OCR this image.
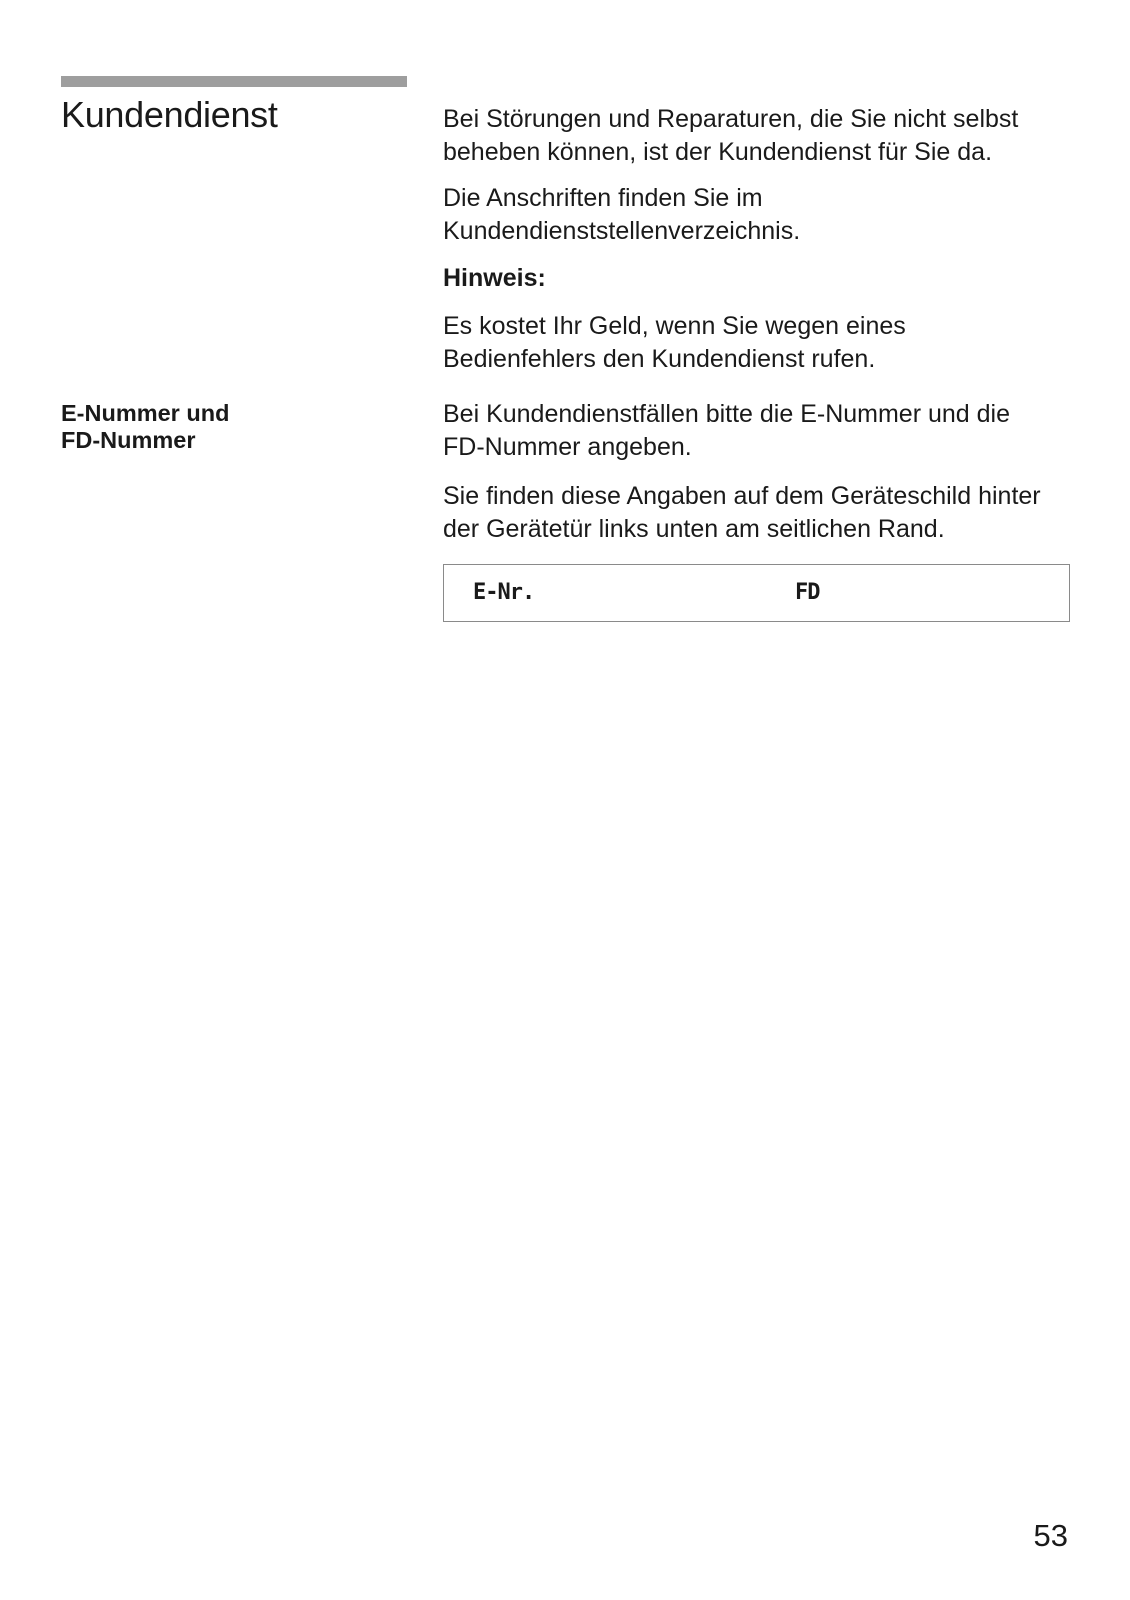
Kundendienst	Bei Störungen und Reparaturen, die Sie nicht selbst
beheben können, ist der Kundendienst für Sie da.

Die Anschriften finden Sie im
Kundendienststellenverzeichnis.

Hinweis:

Es kostet Ihr Geld, wenn Sie wegen eines
Bedienfehlers den Kundendienst rufen.

E-Nummer und
FD-Nummer

Bei Kundendienstfällen bitte die E-Nummer und die
FD-Nummer angeben.

Sie finden diese Angaben auf dem Geräteschild hinter
der Gerätetür links unten am seitlichen Rand.

E-Nr.	FD
53
